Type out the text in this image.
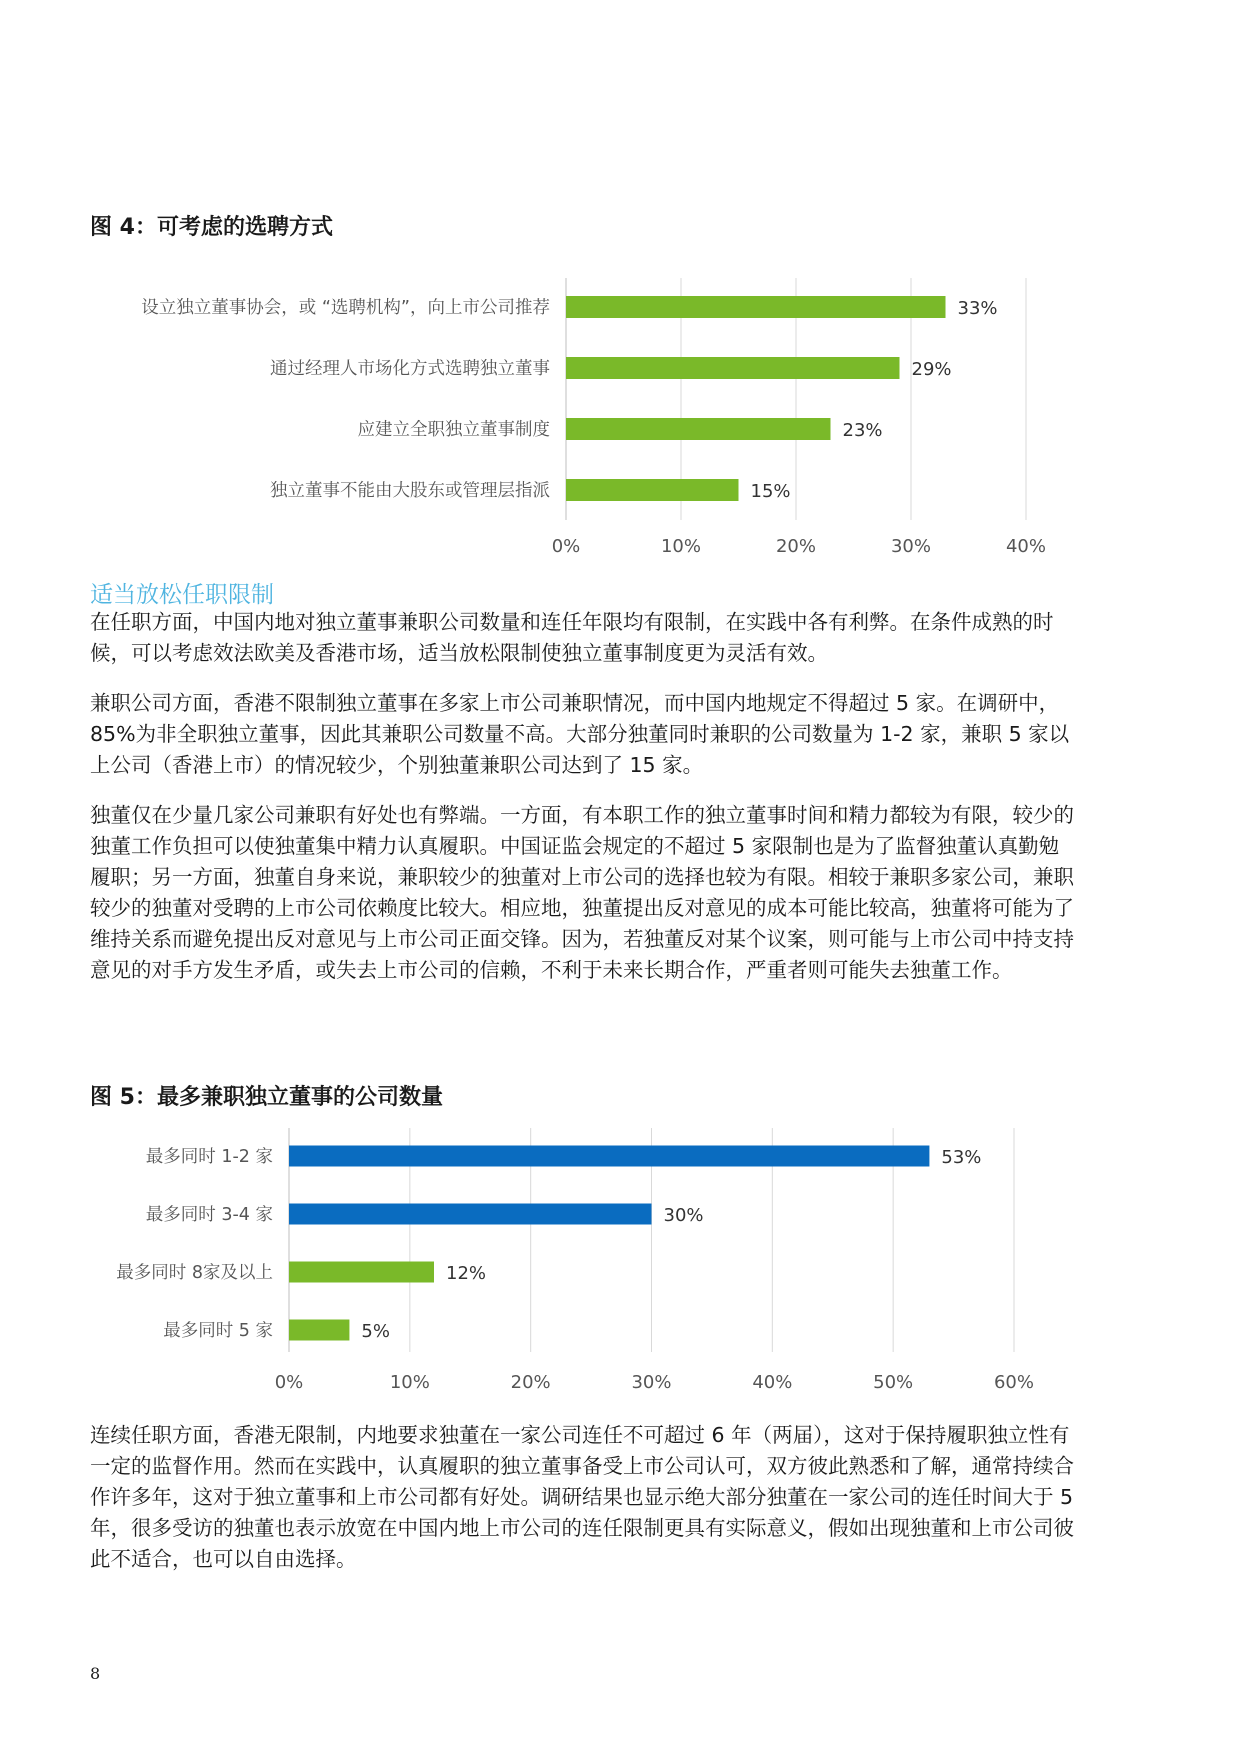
图 4：可考虑的选聘方式
0%	10%	20%	30%	40%
设立独立董事协会，或 “选聘机构”，向上市公司推荐	33%
通过经理人市场化方式选聘独立董事	29%
应建立全职独立董事制度	23%
独立董事不能由大股东或管理层指派	15%
适当放松任职限制

在任职方面，中国内地对独立董事兼职公司数量和连任年限均有限制，在实践中各有利弊。在条件成熟的时候，可以考虑效法欧美及香港市场，适当放松限制使独立董事制度更为灵活有效。

兼职公司方面，香港不限制独立董事在多家上市公司兼职情况，而中国内地规定不得超过 5 家。在调研中，85%为非全职独立董事，因此其兼职公司数量不高。大部分独董同时兼职的公司数量为 1-2 家，兼职 5 家以上公司（香港上市）的情况较少，个别独董兼职公司达到了 15 家。

独董仅在少量几家公司兼职有好处也有弊端。一方面，有本职工作的独立董事时间和精力都较为有限，较少的独董工作负担可以使独董集中精力认真履职。中国证监会规定的不超过 5 家限制也是为了监督独董认真勤勉履职；另一方面，独董自身来说，兼职较少的独董对上市公司的选择也较为有限。相较于兼职多家公司，兼职较少的独董对受聘的上市公司依赖度比较大。相应地，独董提出反对意见的成本可能比较高，独董将可能为了维持关系而避免提出反对意见与上市公司正面交锋。因为，若独董反对某个议案，则可能与上市公司中持支持意见的对手方发生矛盾，或失去上市公司的信赖，不利于未来长期合作，严重者则可能失去独董工作。

图 5：最多兼职独立董事的公司数量
0%	10%	20%	30%	40%	50%	60%
最多同时 1-2 家	53%
最多同时 3-4 家	30%
最多同时 8家及以上	12%
最多同时 5 家	5%

连续任职方面，香港无限制，内地要求独董在一家公司连任不可超过 6 年（两届），这对于保持履职独立性有一定的监督作用。然而在实践中，认真履职的独立董事备受上市公司认可，双方彼此熟悉和了解，通常持续合作许多年，这对于独立董事和上市公司都有好处。调研结果也显示绝大部分独董在一家公司的连任时间大于 5 年，很多受访的独董也表示放宽在中国内地上市公司的连任限制更具有实际意义，假如出现独董和上市公司彼此不适合，也可以自由选择。

8
